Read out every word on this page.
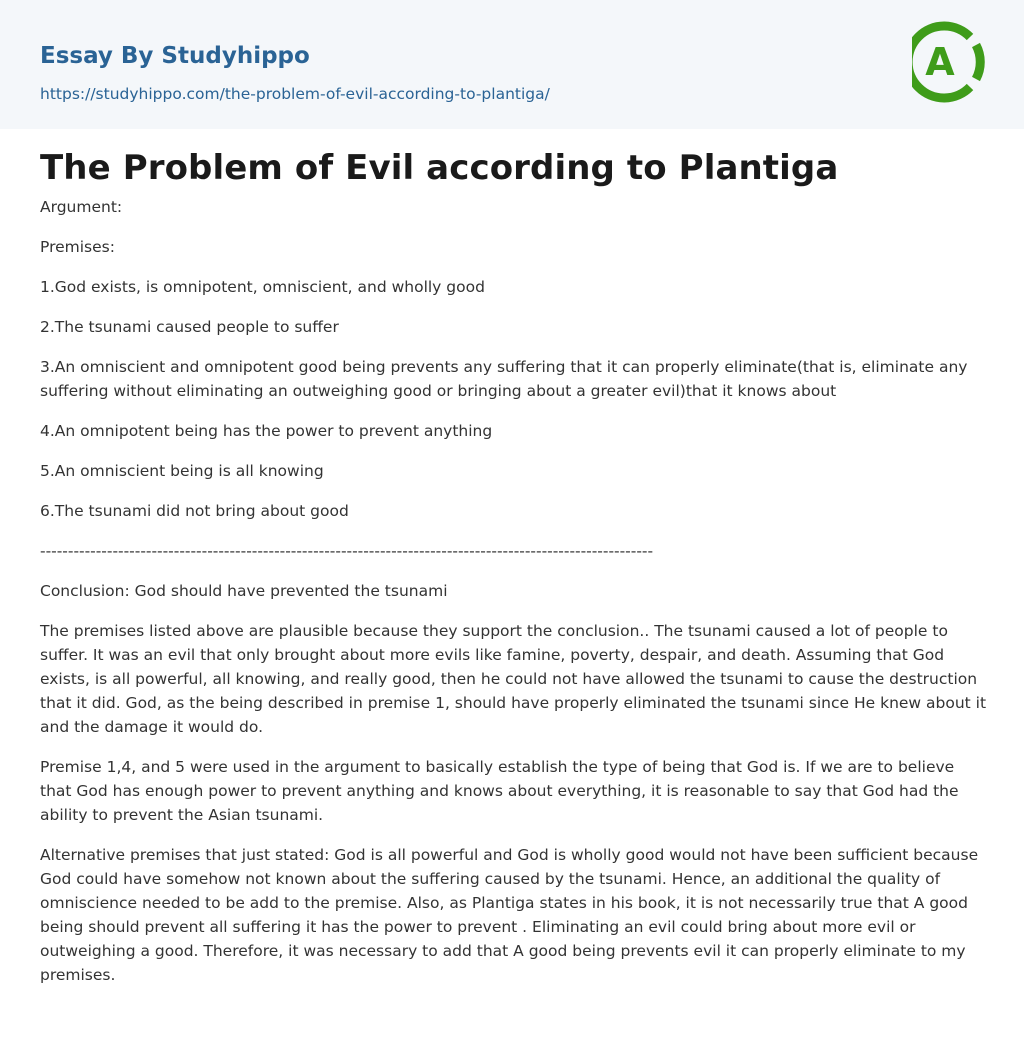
Essay By Studyhippo
https://studyhippo.com/the-problem-of-evil-according-to-plantiga/
A
The Problem of Evil according to Plantiga

Argument:

Premises:

1.God exists, is omnipotent, omniscient, and wholly good

2.The tsunami caused people to suffer

3.An omniscient and omnipotent good being prevents any suffering that it can properly eliminate(that is, eliminate any suffering without eliminating an outweighing good or bringing about a greater evil)that it knows about

4.An omnipotent being has the power to prevent anything

5.An omniscient being is all knowing

6.The tsunami did not bring about good

--------------------------------------------------------------------------------------------------------------

Conclusion: God should have prevented the tsunami

The premises listed above are plausible because they support the conclusion.. The tsunami caused a lot of people to suffer. It was an evil that only brought about more evils like famine, poverty, despair, and death. Assuming that God exists, is all powerful, all knowing, and really good, then he could not have allowed the tsunami to cause the destruction that it did. God, as the being described in premise 1, should have properly eliminated the tsunami since He knew about it and the damage it would do.

Premise 1,4, and 5 were used in the argument to basically establish the type of being that God is. If we are to believe that God has enough power to prevent anything and knows about everything, it is reasonable to say that God had the ability to prevent the Asian tsunami.

Alternative premises that just stated: God is all powerful and God is wholly good would not have been sufficient because God could have somehow not known about the suffering caused by the tsunami. Hence, an additional the quality of omniscience needed to be add to the premise. Also, as Plantiga states in his book, it is not necessarily true that A good being should prevent all suffering it has the power to prevent . Eliminating an evil could bring about more evil or outweighing a good. Therefore, it was necessary to add that A good being prevents evil it can properly eliminate to my premises.
